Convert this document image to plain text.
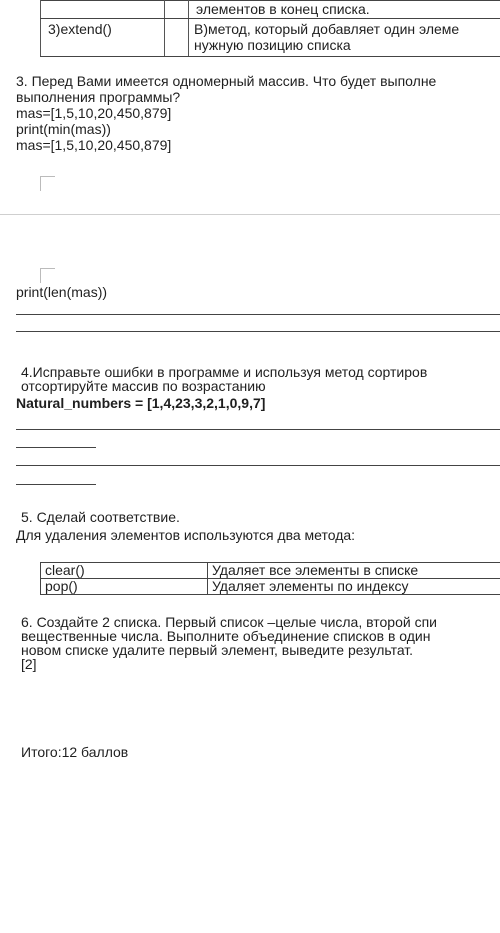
элементов в конец списка.
3)extend()	В)метод, который добавляет один элеме
нужную позицию списка
3. Перед Вами имеется одномерный массив. Что будет выполне
выполнения программы?
mas=[1,5,10,20,450,879]
print(min(mas))
mas=[1,5,10,20,450,879]
print(len(mas))
4.Исправьте ошибки в программе и используя метод сортиров
отсортируйте массив по возрастанию
Natural_numbers = [1,4,23,3,2,1,0,9,7]
5. Сделай соответствие.
Для удаления элементов используются два метода:
clear()	Удаляет все элементы в списке
pop()	Удаляет элементы по индексу
6. Создайте 2 списка. Первый список –целые числа, второй спи
вещественные числа. Выполните объединение списков в один
новом списке удалите первый элемент, выведите результат.
[2]
Итого:12 баллов
